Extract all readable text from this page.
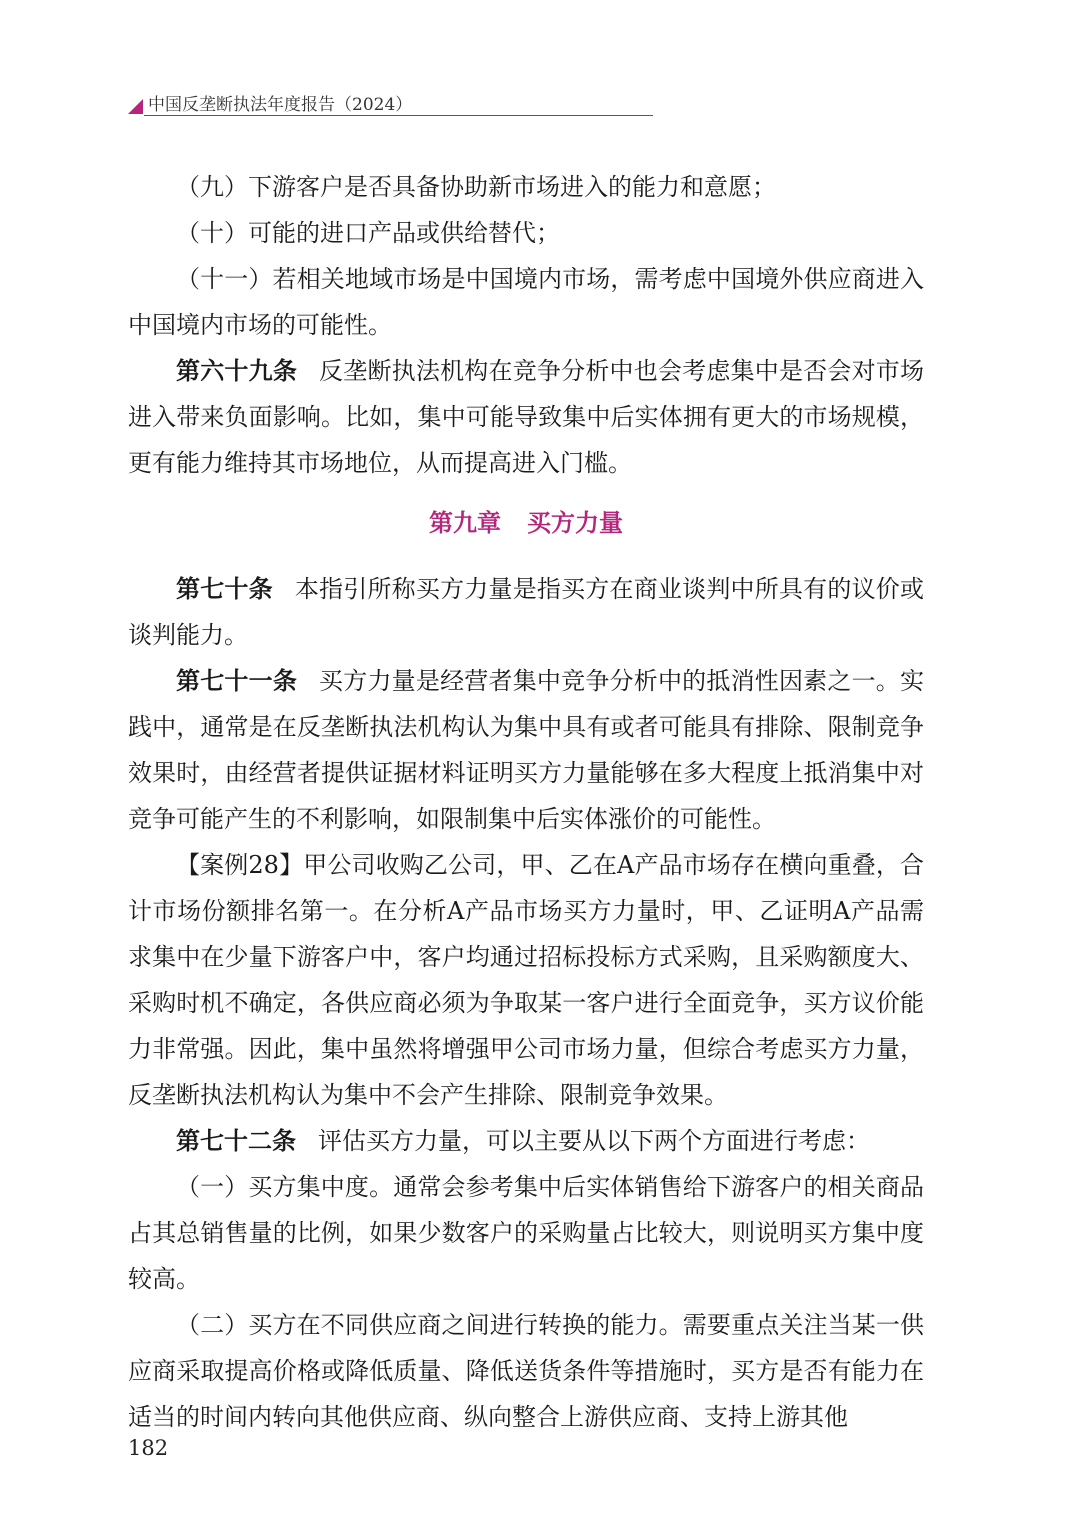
中国反垄断执法年度报告（2024）

（九）下游客户是否具备协助新市场进入的能力和意愿；

（十）可能的进口产品或供给替代；

（十一）若相关地域市场是中国境内市场，需考虑中国境外供应商进入中国境内市场的可能性。

第六十九条 反垄断执法机构在竞争分析中也会考虑集中是否会对市场进入带来负面影响。比如，集中可能导致集中后实体拥有更大的市场规模，更有能力维持其市场地位，从而提高进入门槛。

第九章 买方力量

第七十条 本指引所称买方力量是指买方在商业谈判中所具有的议价或谈判能力。

第七十一条 买方力量是经营者集中竞争分析中的抵消性因素之一。实践中，通常是在反垄断执法机构认为集中具有或者可能具有排除、限制竞争效果时，由经营者提供证据材料证明买方力量能够在多大程度上抵消集中对竞争可能产生的不利影响，如限制集中后实体涨价的可能性。

【案例28】甲公司收购乙公司，甲、乙在A产品市场存在横向重叠，合计市场份额排名第一。在分析A产品市场买方力量时，甲、乙证明A产品需求集中在少量下游客户中，客户均通过招标投标方式采购，且采购额度大、采购时机不确定，各供应商必须为争取某一客户进行全面竞争，买方议价能力非常强。因此，集中虽然将增强甲公司市场力量，但综合考虑买方力量，反垄断执法机构认为集中不会产生排除、限制竞争效果。

第七十二条 评估买方力量，可以主要从以下两个方面进行考虑：

（一）买方集中度。通常会参考集中后实体销售给下游客户的相关商品占其总销售量的比例，如果少数客户的采购量占比较大，则说明买方集中度较高。

（二）买方在不同供应商之间进行转换的能力。需要重点关注当某一供应商采取提高价格或降低质量、降低送货条件等措施时，买方是否有能力在适当的时间内转向其他供应商、纵向整合上游供应商、支持上游其他

182
